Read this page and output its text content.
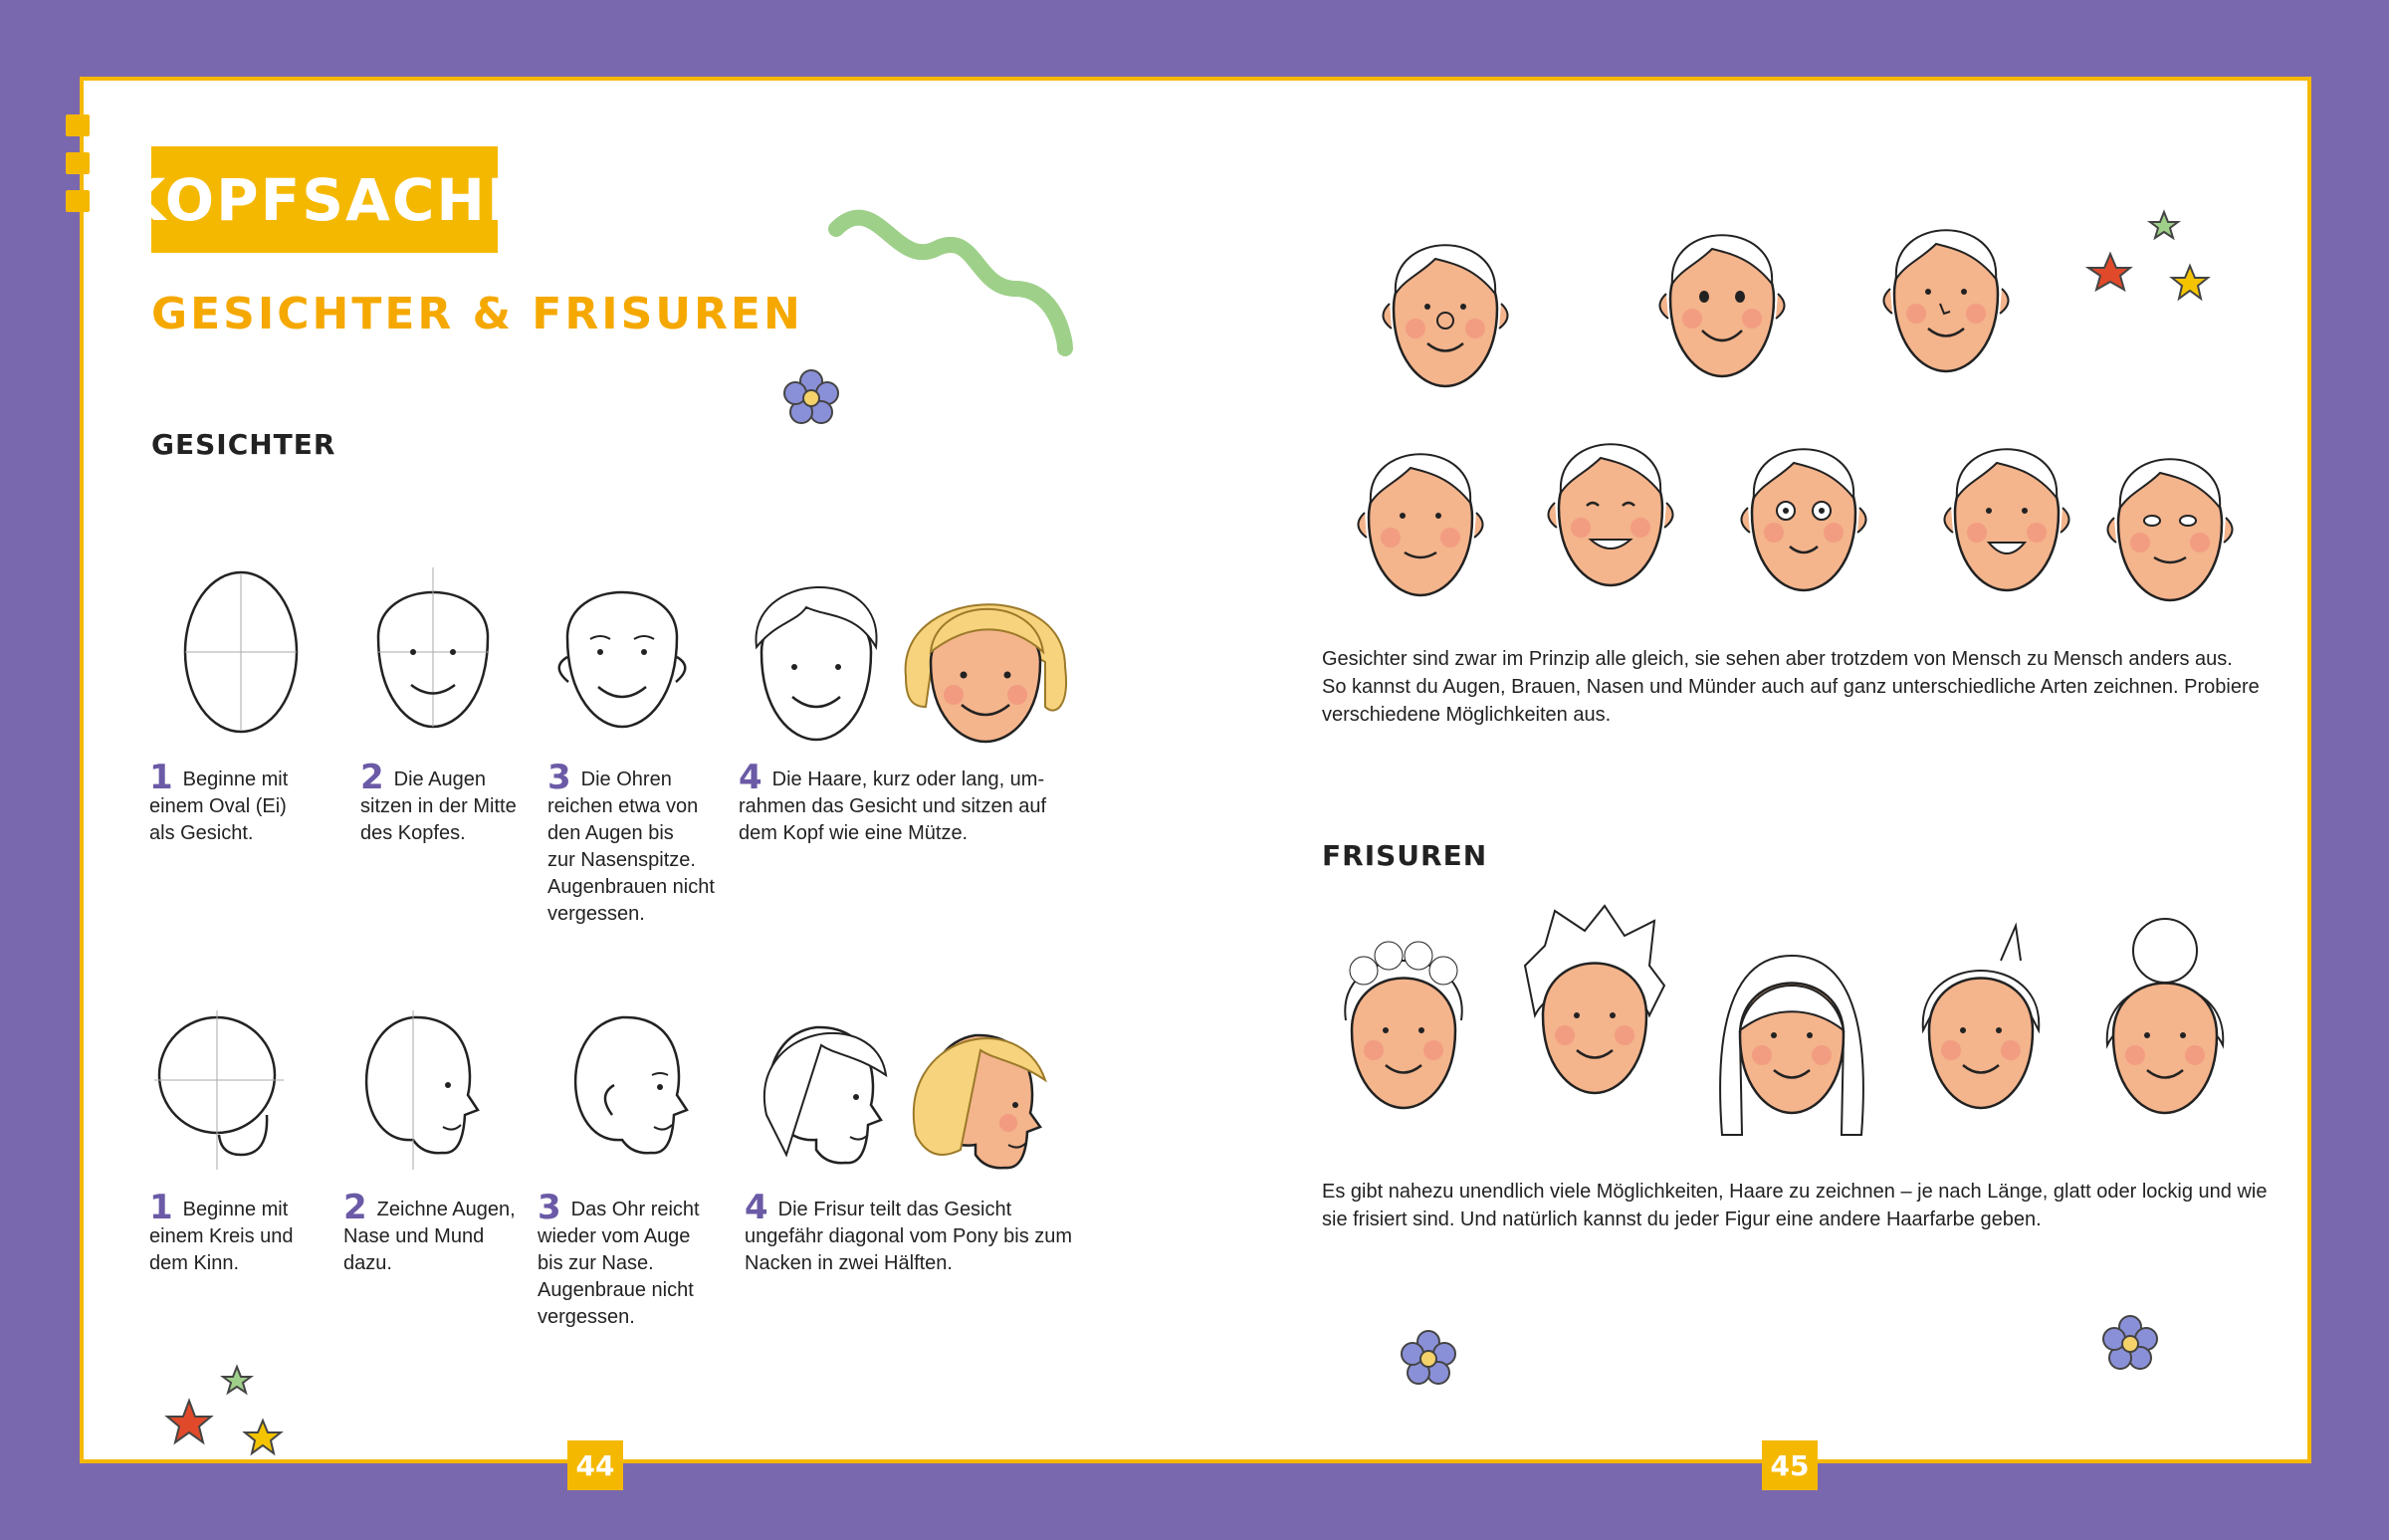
KOPFSACHE
GESICHTER & FRISUREN
GESICHTER
1 Beginne mit
einem Oval (Ei)
als Gesicht.
2 Die Augen
sitzen in der Mitte
des Kopfes.
3 Die Ohren
reichen etwa von
den Augen bis
zur Nasenspitze.
Augenbrauen nicht
vergessen.
4 Die Haare, kurz oder lang, um-
rahmen das Gesicht und sitzen auf
dem Kopf wie eine Mütze.
1 Beginne mit
einem Kreis und
dem Kinn.
2 Zeichne Augen,
Nase und Mund
dazu.
3 Das Ohr reicht
wieder vom Auge
bis zur Nase.
Augenbraue nicht
vergessen.
4 Die Frisur teilt das Gesicht
ungefähr diagonal vom Pony bis zum
Nacken in zwei Hälften.
44
Gesichter sind zwar im Prinzip alle gleich, sie sehen aber trotzdem von Mensch zu Mensch anders aus.
So kannst du Augen, Brauen, Nasen und Münder auch auf ganz unterschiedliche Arten zeichnen. Probiere
verschiedene Möglichkeiten aus.
FRISUREN
Es gibt nahezu unendlich viele Möglichkeiten, Haare zu zeichnen – je nach Länge, glatt oder lockig und wie
sie frisiert sind. Und natürlich kannst du jeder Figur eine andere Haarfarbe geben.
45
